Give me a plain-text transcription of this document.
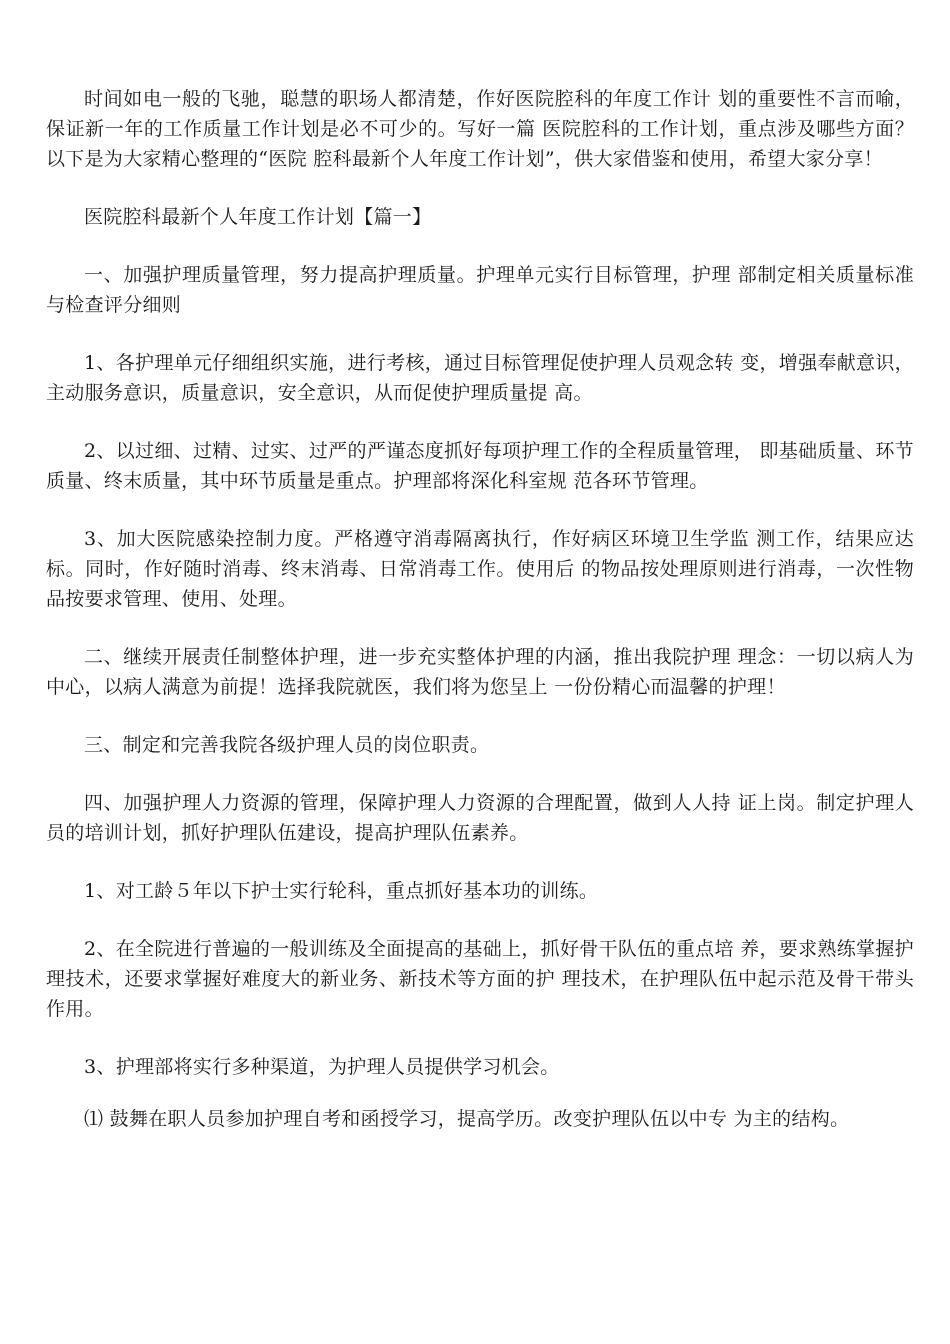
时间如电一般的飞驰，聪慧的职场人都清楚，作好医院腔科的年度工作计 划的重要性不言而喻，保证新一年的工作质量工作计划是必不可少的。写好一篇 医院腔科的工作计划，重点涉及哪些方面？以下是为大家精心整理的“医院 腔科最新个人年度工作计划”，供大家借鉴和使用，希望大家分享！

医院腔科最新个人年度工作计划【篇一】

一、加强护理质量管理，努力提高护理质量。护理单元实行目标管理，护理 部制定相关质量标准与检查评分细则

1、各护理单元仔细组织实施，进行考核，通过目标管理促使护理人员观念转 变，增强奉献意识，主动服务意识，质量意识，安全意识，从而促使护理质量提 高。

2、以过细、过精、过实、过严的严谨态度抓好每项护理工作的全程质量管理， 即基础质量、环节质量、终末质量，其中环节质量是重点。护理部将深化科室规 范各环节管理。

3、加大医院感染控制力度。严格遵守消毒隔离执行，作好病区环境卫生学监 测工作，结果应达标。同时，作好随时消毒、终末消毒、日常消毒工作。使用后 的物品按处理原则进行消毒，一次性物品按要求管理、使用、处理。

二、继续开展责任制整体护理，进一步充实整体护理的内涵，推出我院护理 理念：一切以病人为中心，以病人满意为前提！选择我院就医，我们将为您呈上 一份份精心而温馨的护理！

三、制定和完善我院各级护理人员的岗位职责。

四、加强护理人力资源的管理，保障护理人力资源的合理配置，做到人人持 证上岗。制定护理人员的培训计划，抓好护理队伍建设，提高护理队伍素养。

1、对工龄５年以下护士实行轮科，重点抓好基本功的训练。

2、在全院进行普遍的一般训练及全面提高的基础上，抓好骨干队伍的重点培 养，要求熟练掌握护理技术，还要求掌握好难度大的新业务、新技术等方面的护 理技术，在护理队伍中起示范及骨干带头作用。

3、护理部将实行多种渠道，为护理人员提供学习机会。

⑴ 鼓舞在职人员参加护理自考和函授学习，提高学历。改变护理队伍以中专 为主的结构。
